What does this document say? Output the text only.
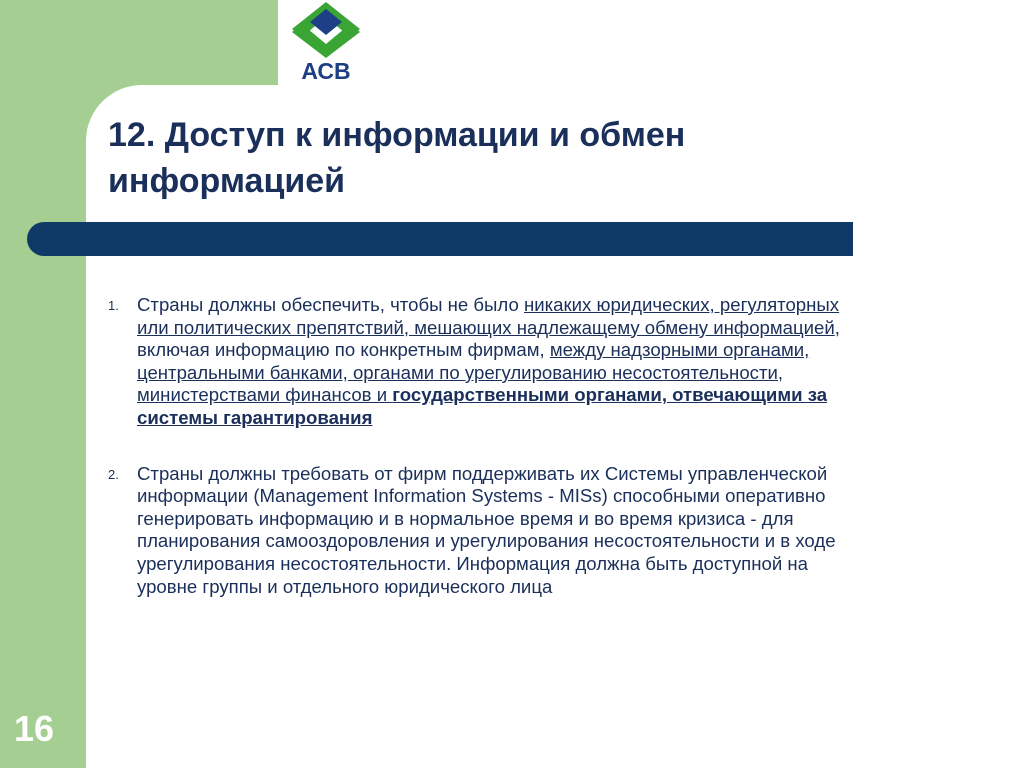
АСВ
12. Доступ к информации и обмен
информацией
1. Страны должны обеспечить, чтобы не было никаких юридических, регуляторных
или политических препятствий, мешающих надлежащему обмену информацией,
включая информацию по конкретным фирмам, между надзорными органами,
центральными банками, органами по урегулированию несостоятельности,
министерствами финансов и государственными органами, отвечающими за
системы гарантирования
2. Страны должны требовать от фирм поддерживать их Системы управленческой
информации (Management Information Systems - MISs) способными оперативно
генерировать информацию и в нормальное время и во время кризиса - для
планирования самооздоровления и урегулирования несостоятельности и в ходе
урегулирования несостоятельности. Информация должна быть доступной на
уровне группы и отдельного юридического лица
16
